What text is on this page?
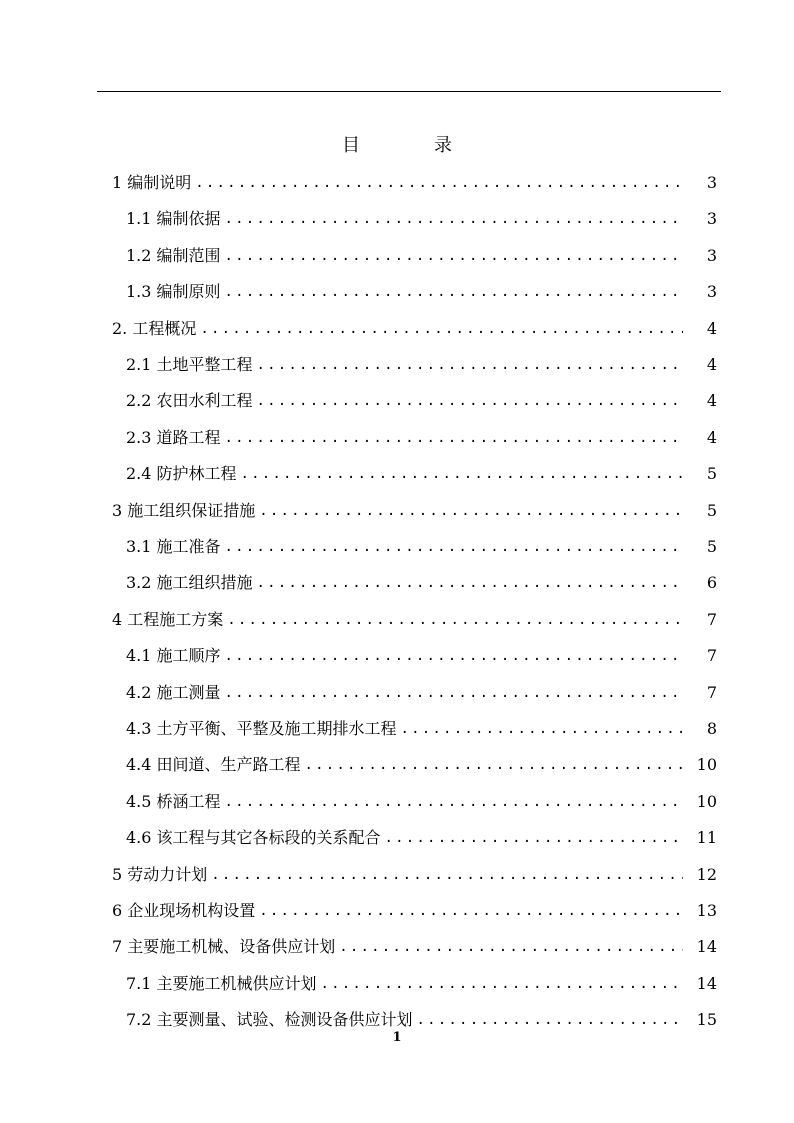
目　录
1 编制说明 .....	3
1.1 编制依据 .....	3
1.2 编制范围 .....	3
1.3 编制原则 .....	3
2. 工程概况 .....	4
2.1 土地平整工程 .....	4
2.2 农田水利工程 .....	4
2.3 道路工程 .....	4
2.4 防护林工程 .....	5
3 施工组织保证措施 .....	5
3.1 施工准备 .....	5
3.2 施工组织措施 .....	6
4 工程施工方案 .....	7
4.1 施工顺序 .....	7
4.2 施工测量 .....	7
4.3 土方平衡、平整及施工期排水工程 .....	8
4.4 田间道、生产路工程 .....	10
4.5 桥涵工程 .....	10
4.6 该工程与其它各标段的关系配合 .....	11
5 劳动力计划 .....	12
6 企业现场机构设置 .....	13
7 主要施工机械、设备供应计划 .....	14
7.1 主要施工机械供应计划 .....	14
7.2 主要测量、试验、检测设备供应计划 .....	15
1
